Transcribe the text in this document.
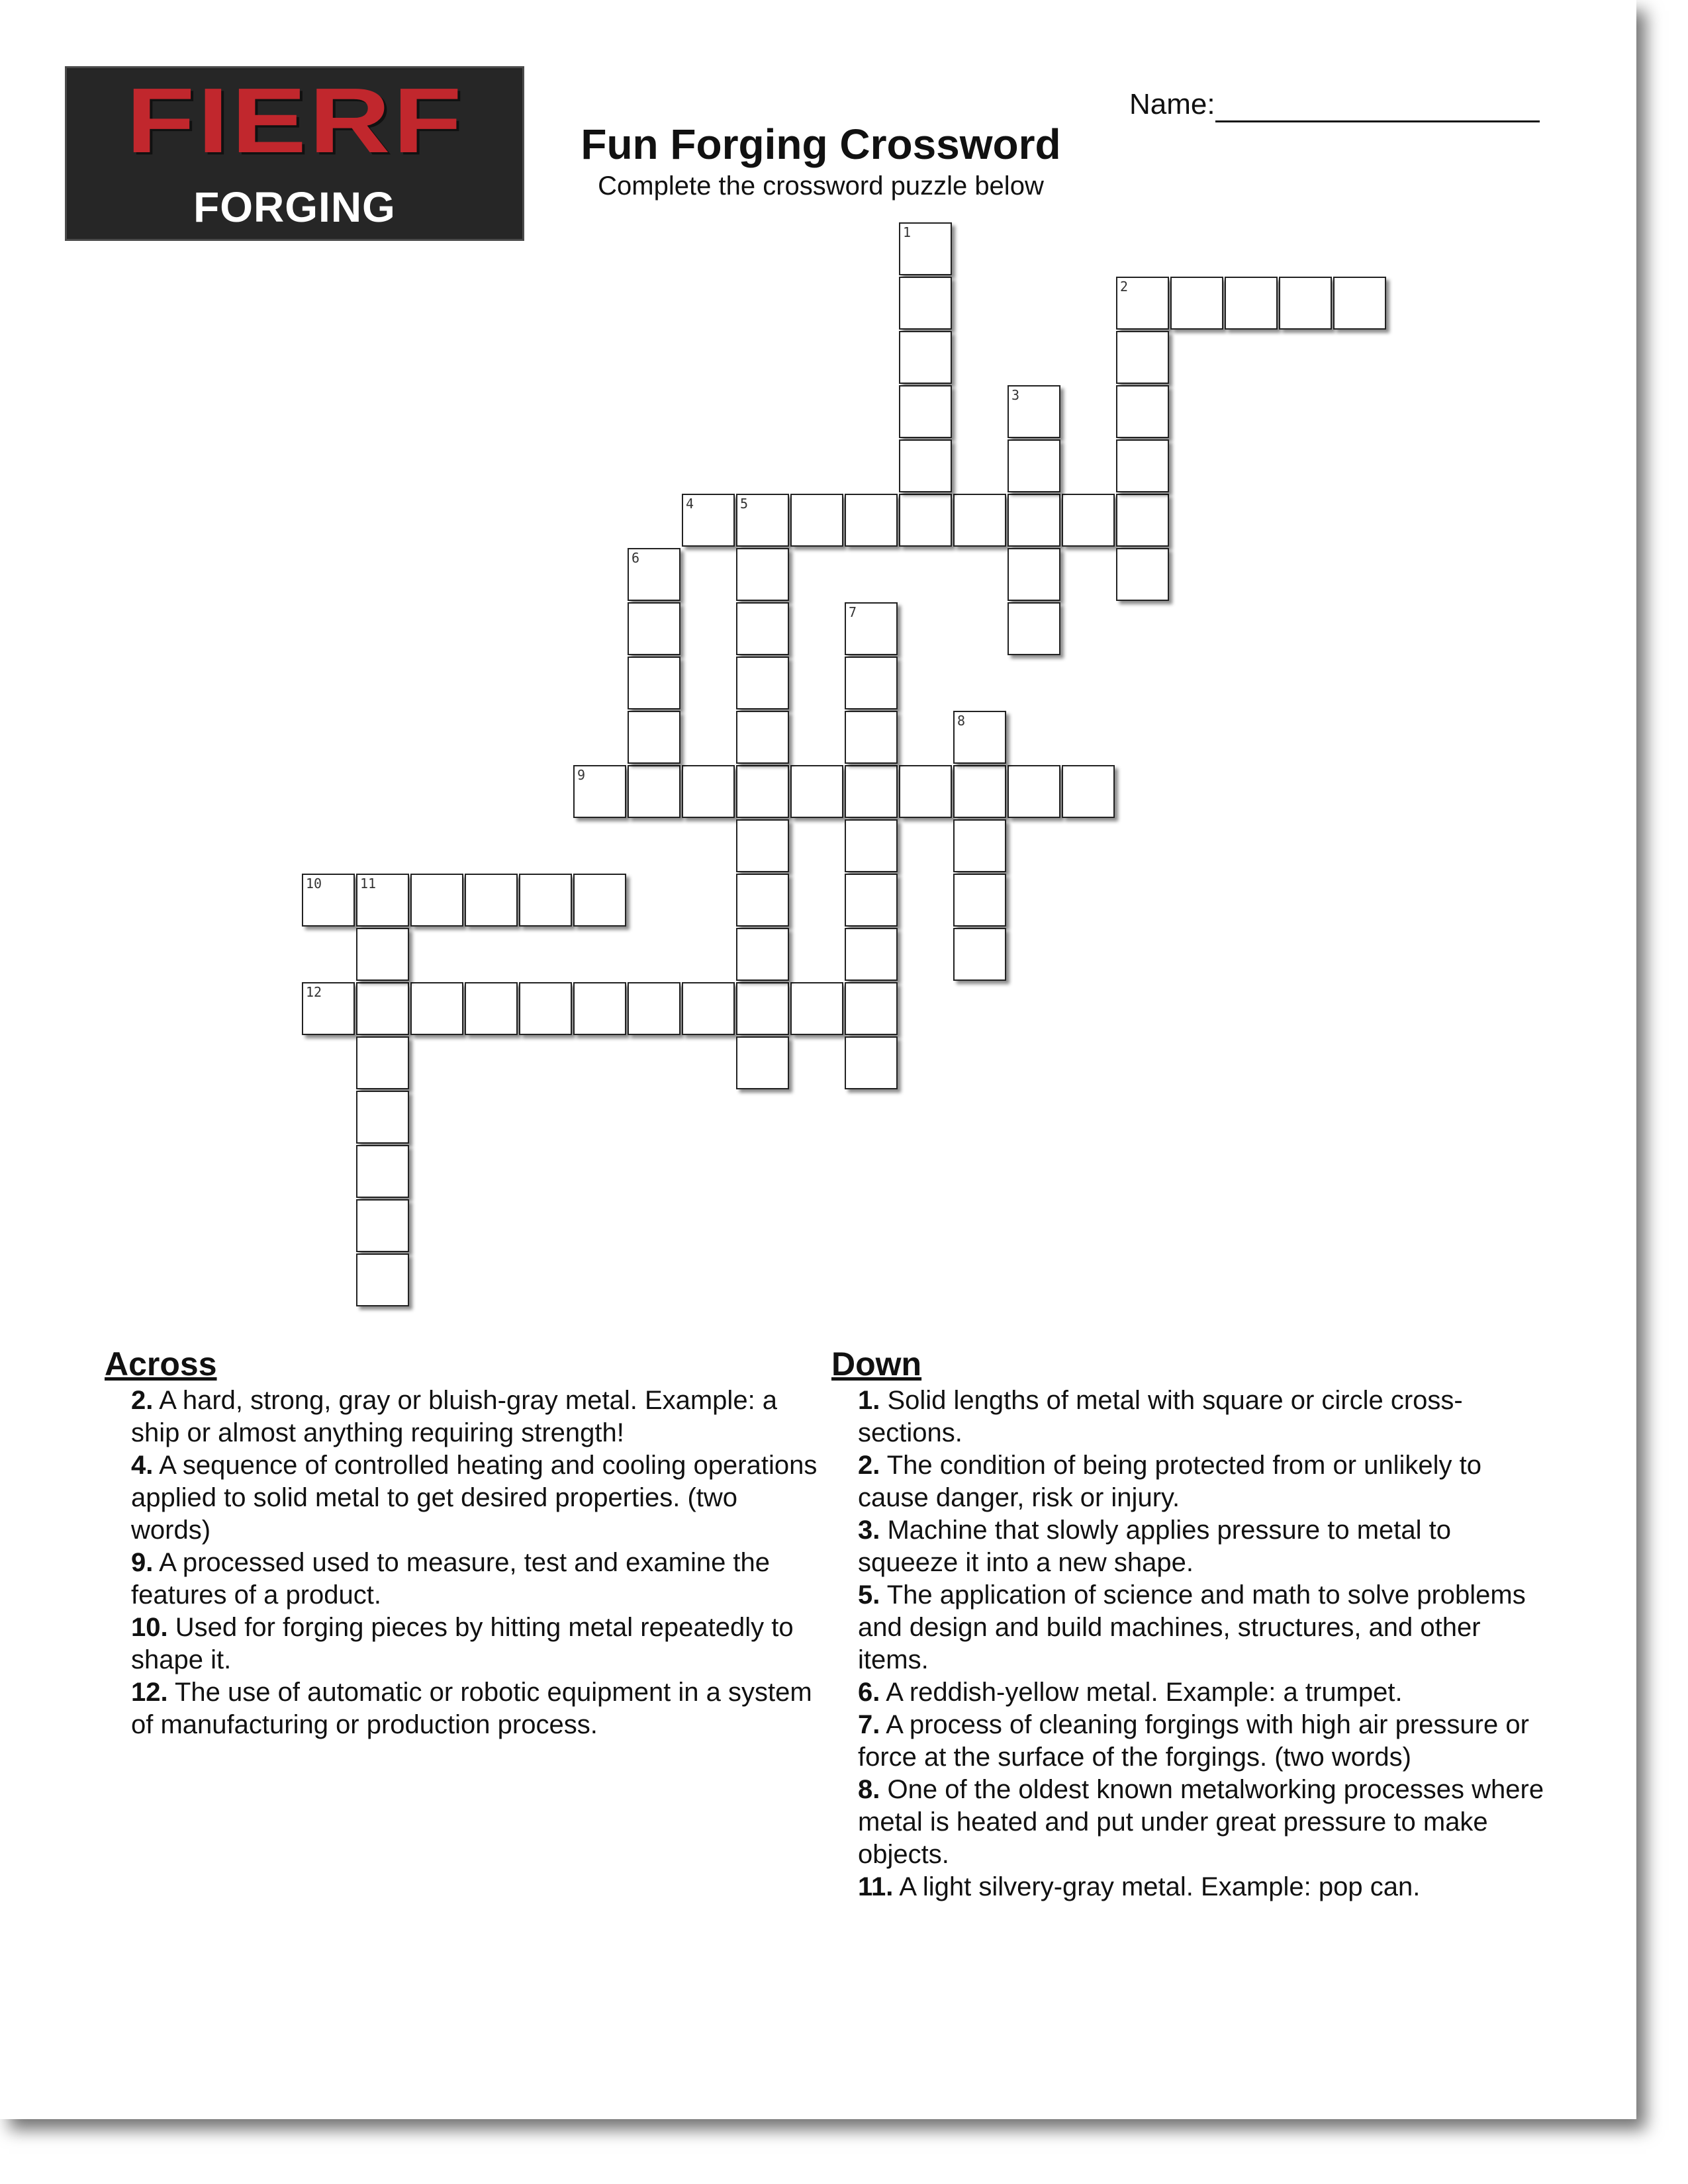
FIERF
FORGING FOUNDATION
Fun Forging Crossword
Complete the crossword puzzle below
Name:
2
4	5
9
10	11
12
1
3
6
7
8
Across
2. A hard, strong, gray or bluish-gray metal. Example: a ship or almost anything requiring strength!
4. A sequence of controlled heating and cooling operations applied to solid metal to get desired properties. (two words)
9. A processed used to measure, test and examine the features of a product.
10. Used for forging pieces by hitting metal repeatedly to shape it.
12. The use of automatic or robotic equipment in a system of manufacturing or production process.
Down
1. Solid lengths of metal with square or circle cross-sections.
2. The condition of being protected from or unlikely to cause danger, risk or injury.
3. Machine that slowly applies pressure to metal to squeeze it into a new shape.
5. The application of science and math to solve problems and design and build machines, structures, and other items.
6. A reddish-yellow metal. Example: a trumpet.
7. A process of cleaning forgings with high air pressure or force at the surface of the forgings. (two words)
8. One of the oldest known metalworking processes where metal is heated and put under great pressure to make objects.
11. A light silvery-gray metal. Example: pop can.
